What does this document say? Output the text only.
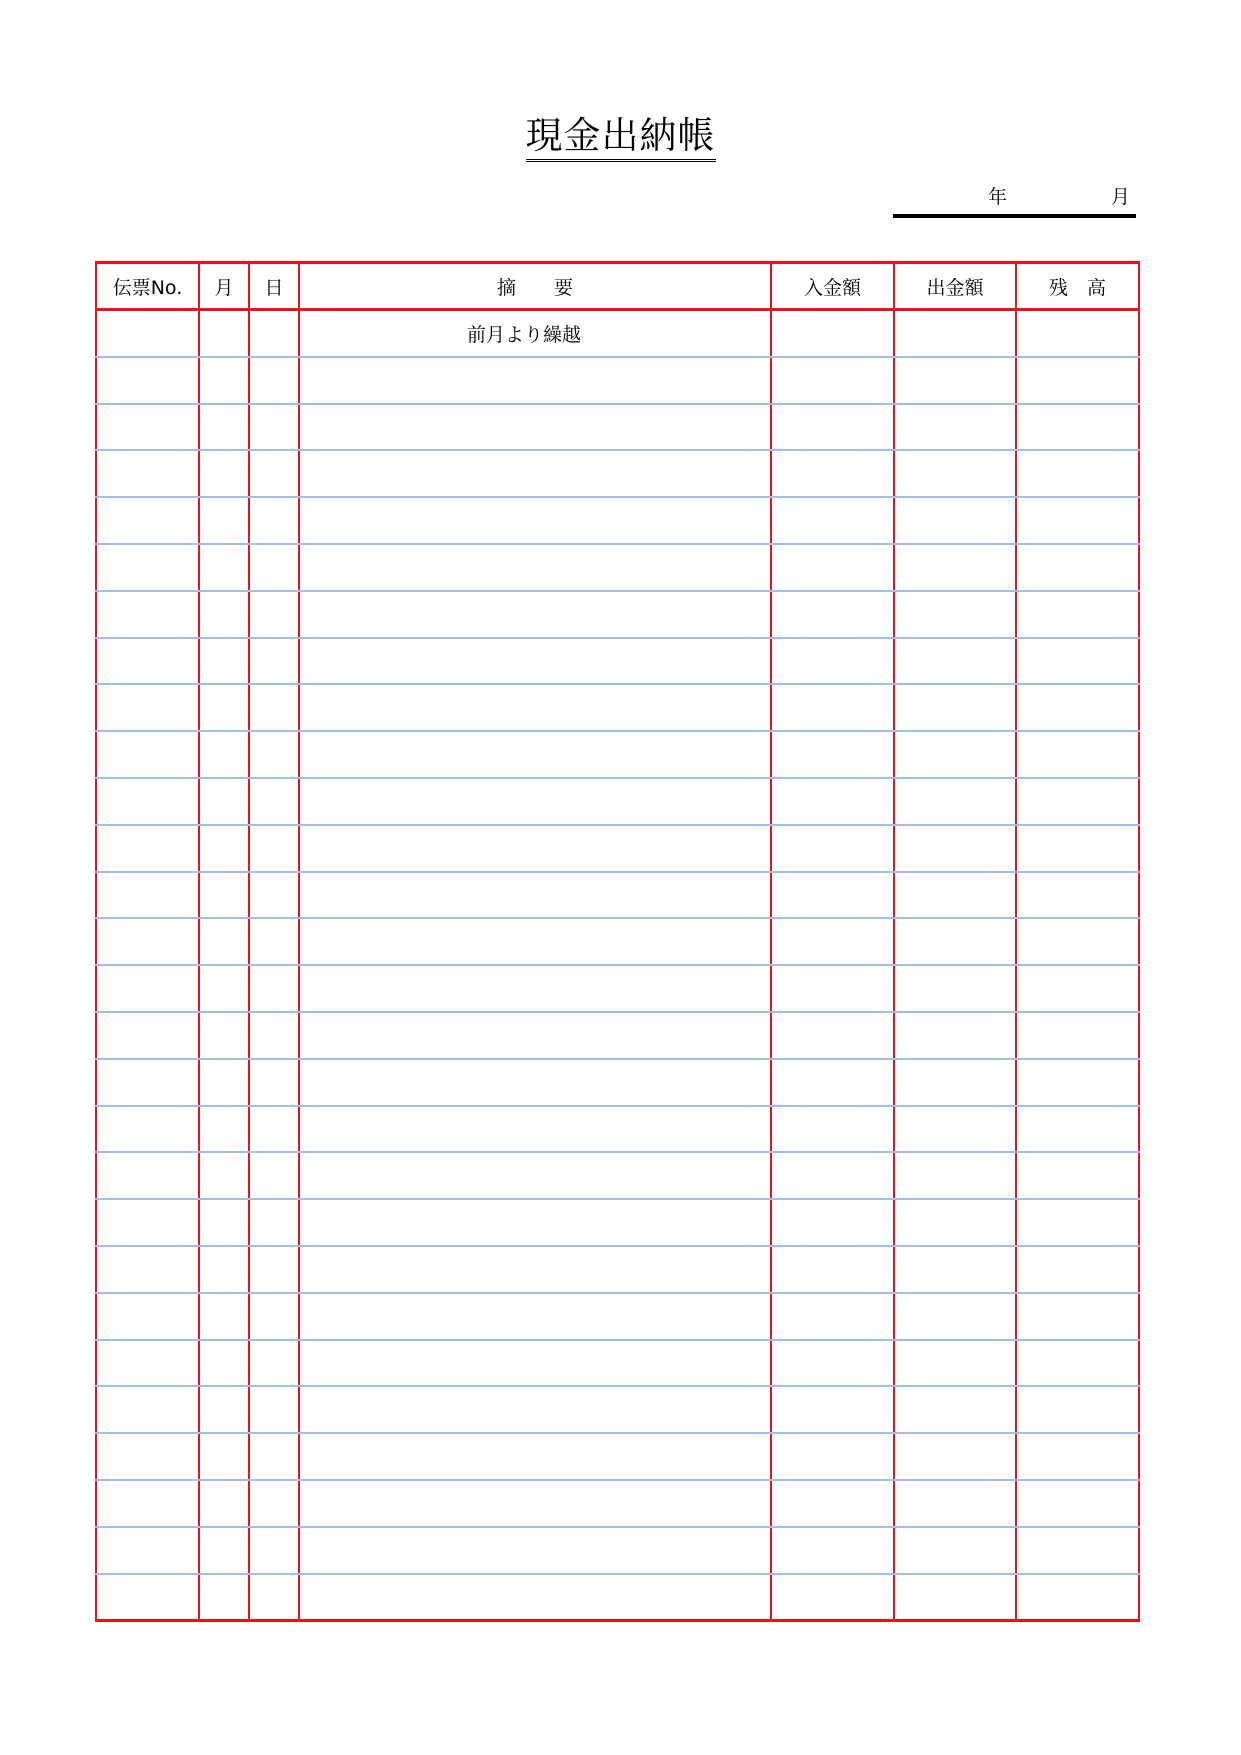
現金出納帳
年	月
伝票No.	月	日	摘　　要	入金額	出金額	残　高
			前月より繰越			
